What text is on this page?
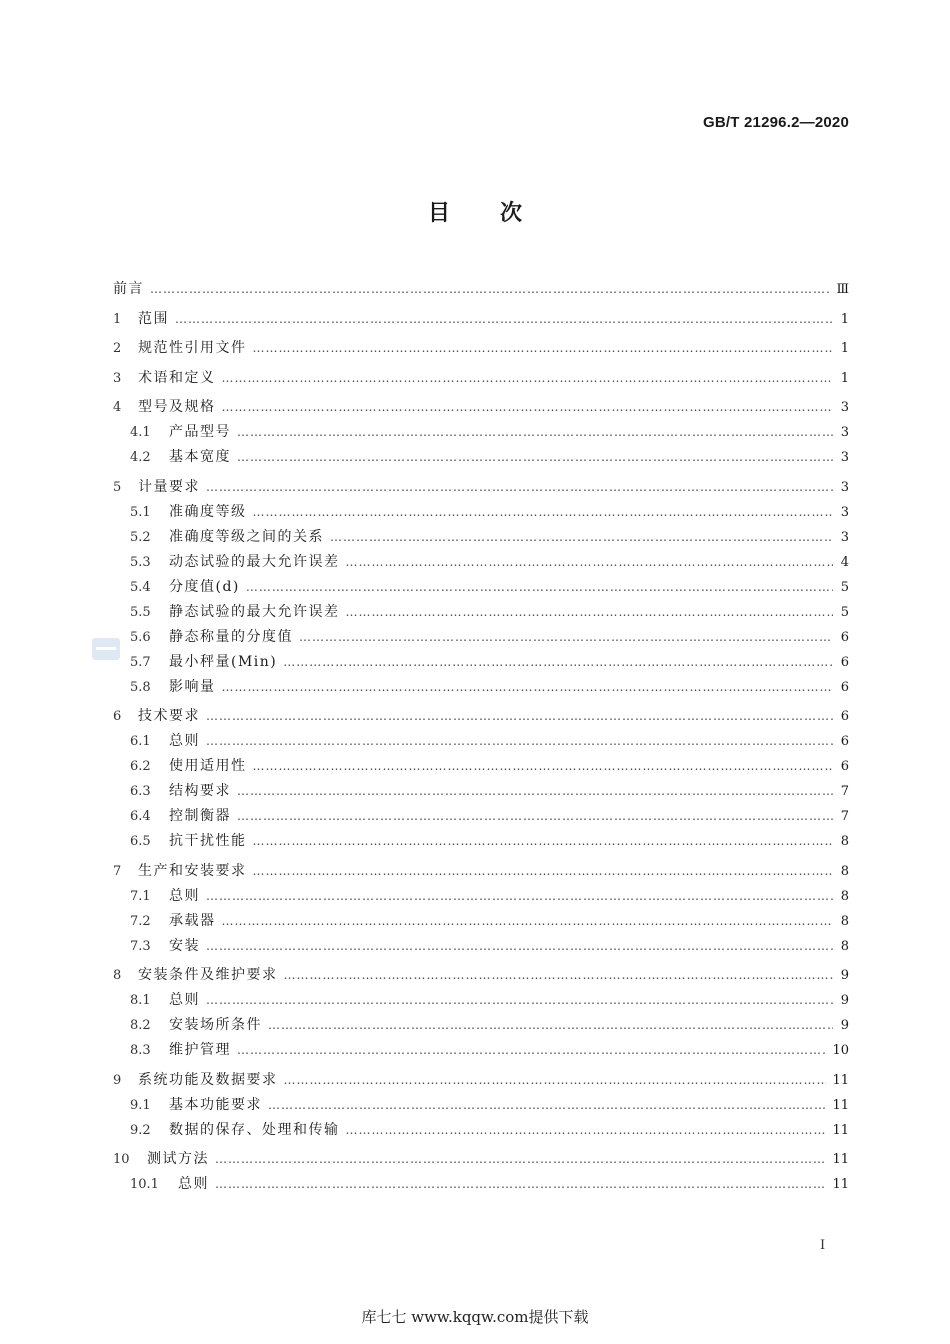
GB/T 21296.2—2020
目次
前言 ………………………………………………………………………………………………………………………………………………………………………………………………………………	Ⅲ
1	范围 ………………………………………………………………………………………………………………………………………………………………………………………………………………	1
2	规范性引用文件 ………………………………………………………………………………………………………………………………………………………………………………………………………………	1
3	术语和定义 ………………………………………………………………………………………………………………………………………………………………………………………………………………	1
4	型号及规格 ………………………………………………………………………………………………………………………………………………………………………………………………………………	3
4.1	产品型号 ………………………………………………………………………………………………………………………………………………………………………………………………………………	3
4.2	基本宽度 ………………………………………………………………………………………………………………………………………………………………………………………………………………	3
5	计量要求 ………………………………………………………………………………………………………………………………………………………………………………………………………………	3
5.1	准确度等级 ………………………………………………………………………………………………………………………………………………………………………………………………………………	3
5.2	准确度等级之间的关系 ………………………………………………………………………………………………………………………………………………………………………………………………………………	3
5.3	动态试验的最大允许误差 ………………………………………………………………………………………………………………………………………………………………………………………………………………	4
5.4	分度值(d) ………………………………………………………………………………………………………………………………………………………………………………………………………………	5
5.5	静态试验的最大允许误差 ………………………………………………………………………………………………………………………………………………………………………………………………………………	5
5.6	静态称量的分度值 ………………………………………………………………………………………………………………………………………………………………………………………………………………	6
5.7	最小秤量(Min) ………………………………………………………………………………………………………………………………………………………………………………………………………………	6
5.8	影响量 ………………………………………………………………………………………………………………………………………………………………………………………………………………	6
6	技术要求 ………………………………………………………………………………………………………………………………………………………………………………………………………………	6
6.1	总则 ………………………………………………………………………………………………………………………………………………………………………………………………………………	6
6.2	使用适用性 ………………………………………………………………………………………………………………………………………………………………………………………………………………	6
6.3	结构要求 ………………………………………………………………………………………………………………………………………………………………………………………………………………	7
6.4	控制衡器 ………………………………………………………………………………………………………………………………………………………………………………………………………………	7
6.5	抗干扰性能 ………………………………………………………………………………………………………………………………………………………………………………………………………………	8
7	生产和安装要求 ………………………………………………………………………………………………………………………………………………………………………………………………………………	8
7.1	总则 ………………………………………………………………………………………………………………………………………………………………………………………………………………	8
7.2	承载器 ………………………………………………………………………………………………………………………………………………………………………………………………………………	8
7.3	安装 ………………………………………………………………………………………………………………………………………………………………………………………………………………	8
8	安装条件及维护要求 ………………………………………………………………………………………………………………………………………………………………………………………………………………	9
8.1	总则 ………………………………………………………………………………………………………………………………………………………………………………………………………………	9
8.2	安装场所条件 ………………………………………………………………………………………………………………………………………………………………………………………………………………	9
8.3	维护管理 ………………………………………………………………………………………………………………………………………………………………………………………………………………	10
9	系统功能及数据要求 ………………………………………………………………………………………………………………………………………………………………………………………………………………	11
9.1	基本功能要求 ………………………………………………………………………………………………………………………………………………………………………………………………………………	11
9.2	数据的保存、处理和传输 ………………………………………………………………………………………………………………………………………………………………………………………………………………	11
10	测试方法 ………………………………………………………………………………………………………………………………………………………………………………………………………………	11
10.1	总则 ………………………………………………………………………………………………………………………………………………………………………………………………………………	11
I
库七七 www.kqqw.com提供下载
